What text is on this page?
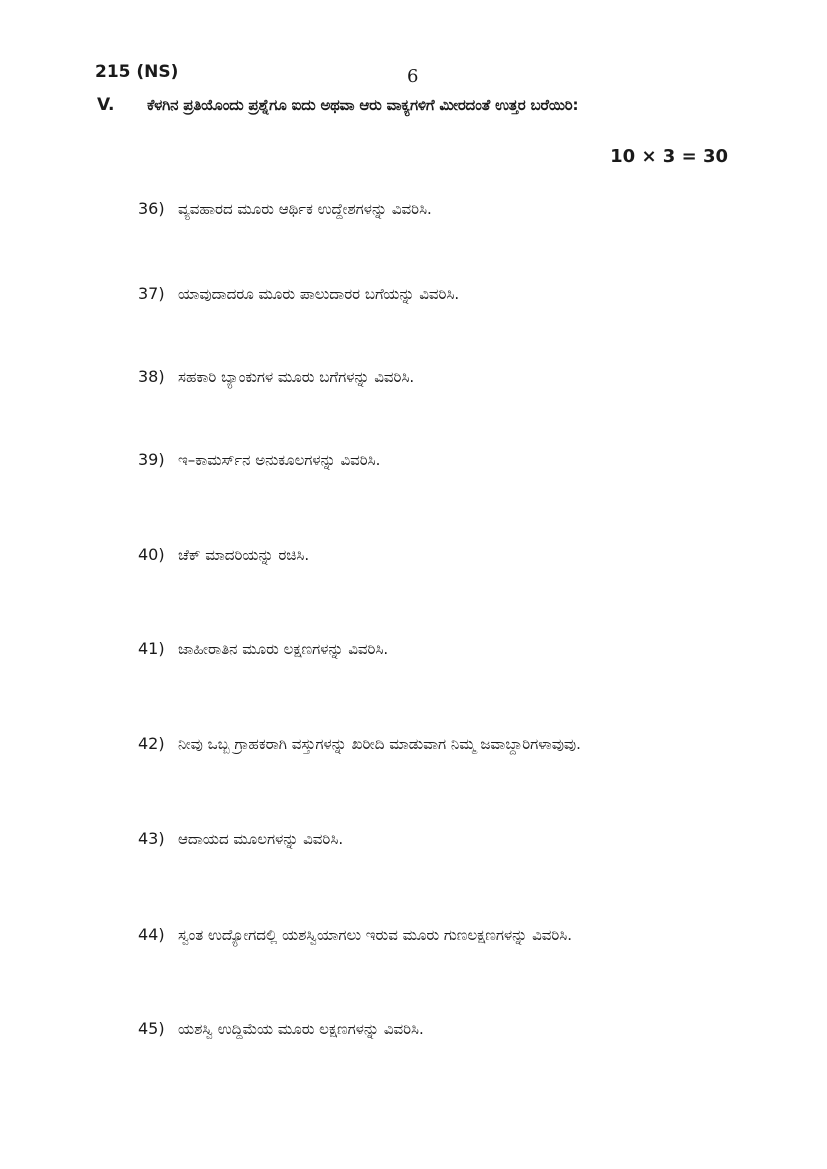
215 (NS)	6
V.	ಕೆಳಗಿನ ಪ್ರತಿಯೊಂದು ಪ್ರಶ್ನೆಗೂ ಐದು ಅಥವಾ ಆರು ವಾಕ್ಯಗಳಿಗೆ ಮೀರದಂತೆ ಉತ್ತರ ಬರೆಯಿರಿ:
10 × 3 = 30
36) ವ್ಯವಹಾರದ ಮೂರು ಆರ್ಥಿಕ ಉದ್ದೇಶಗಳನ್ನು ವಿವರಿಸಿ.
37) ಯಾವುದಾದರೂ ಮೂರು ಪಾಲುದಾರರ ಬಗೆಯನ್ನು ವಿವರಿಸಿ.
38) ಸಹಕಾರಿ ಬ್ಯಾಂಕುಗಳ ಮೂರು ಬಗೆಗಳನ್ನು ವಿವರಿಸಿ.
39) ಇ–ಕಾಮರ್ಸ್‌ನ ಅನುಕೂಲಗಳನ್ನು ವಿವರಿಸಿ.
40) ಚೆಕ್ ಮಾದರಿಯನ್ನು ರಚಿಸಿ.
41) ಜಾಹೀರಾತಿನ ಮೂರು ಲಕ್ಷಣಗಳನ್ನು ವಿವರಿಸಿ.
42) ನೀವು ಒಬ್ಬ ಗ್ರಾಹಕರಾಗಿ ವಸ್ತುಗಳನ್ನು ಖರೀದಿ ಮಾಡುವಾಗ ನಿಮ್ಮ ಜವಾಬ್ದಾರಿಗಳಾವುವು.
43) ಆದಾಯದ ಮೂಲಗಳನ್ನು ವಿವರಿಸಿ.
44) ಸ್ವಂತ ಉದ್ಯೋಗದಲ್ಲಿ ಯಶಸ್ವಿಯಾಗಲು ಇರುವ ಮೂರು ಗುಣಲಕ್ಷಣಗಳನ್ನು ವಿವರಿಸಿ.
45) ಯಶಸ್ವಿ ಉದ್ದಿಮೆಯ ಮೂರು ಲಕ್ಷಣಗಳನ್ನು ವಿವರಿಸಿ.
